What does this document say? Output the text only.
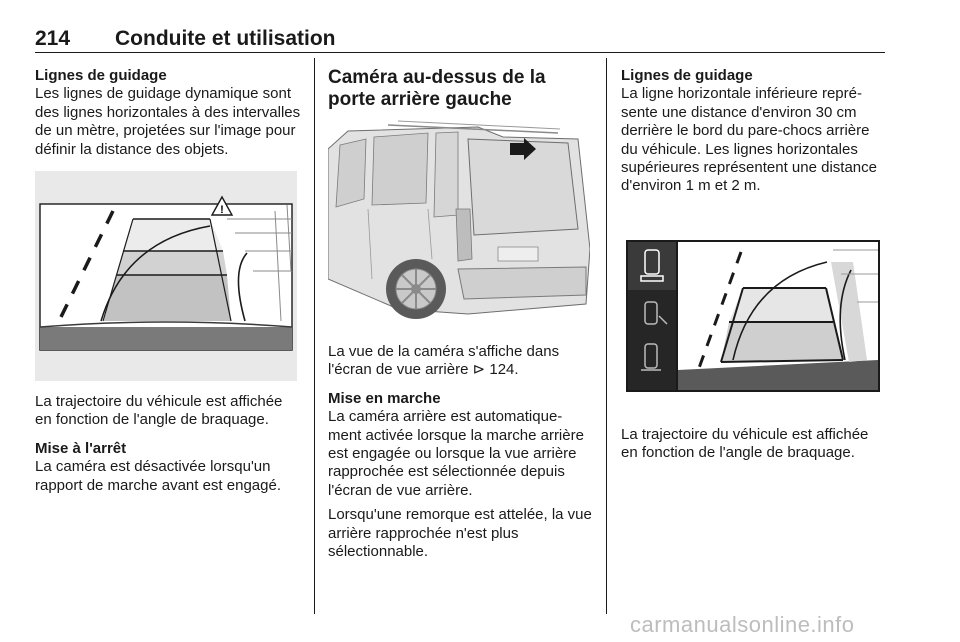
214 Conduite et utilisation
Lignes de guidage

Les lignes de guidage dynamique sont des lignes horizontales à des intervalles de un mètre, projetées sur l'image pour définir la distance des objets.

!

La trajectoire du véhicule est affichée en fonction de l'angle de braquage.

Mise à l'arrêt

La caméra est désactivée lorsqu'un rapport de marche avant est engagé.

Caméra au-dessus de la porte arrière gauche

La vue de la caméra s'affiche dans l'écran de vue arrière ⊳ 124.

Mise en marche

La caméra arrière est automatique-ment activée lorsque la marche arrière est engagée ou lorsque la vue arrière rapprochée est sélectionnée depuis l'écran de vue arrière.

Lorsqu'une remorque est attelée, la vue arrière rapprochée n'est plus sélectionnable.

Lignes de guidage

La ligne horizontale inférieure repré-sente une distance d'environ 30 cm derrière le bord du pare-chocs arrière du véhicule. Les lignes horizontales supérieures représentent une distance d'environ 1 m et 2 m.

La trajectoire du véhicule est affichée en fonction de l'angle de braquage.

carmanualsonline.info
